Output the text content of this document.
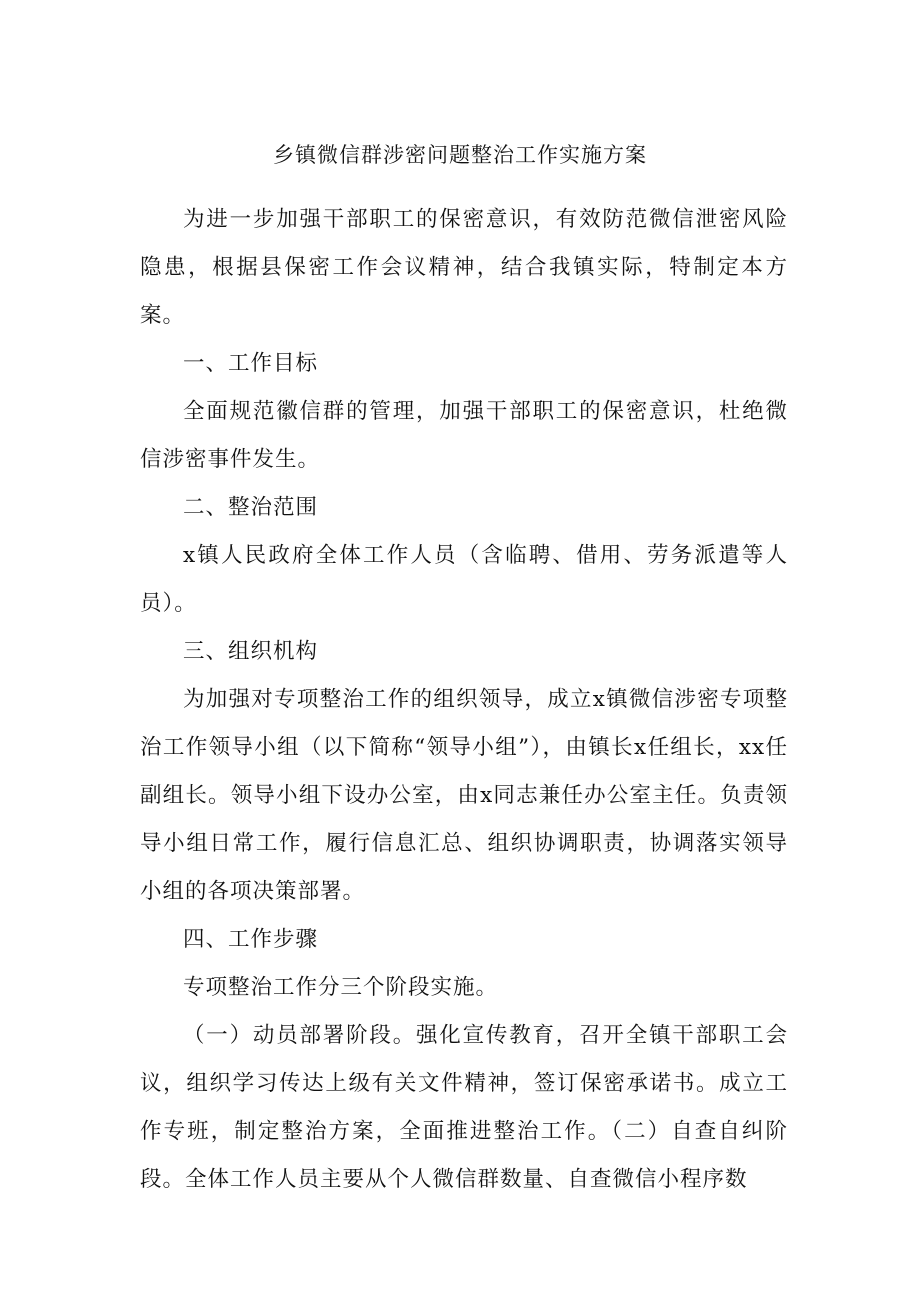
乡镇微信群涉密问题整治工作实施方案

为进一步加强干部职工的保密意识，有效防范微信泄密风险隐患，根据县保密工作会议精神，结合我镇实际，特制定本方案。

一、工作目标

全面规范徽信群的管理，加强干部职工的保密意识，杜绝微信涉密事件发生。

二、整治范围

x镇人民政府全体工作人员（含临聘、借用、劳务派遣等人员）。

三、组织机构

为加强对专项整治工作的组织领导，成立x镇微信涉密专项整治工作领导小组（以下简称“领导小组”），由镇长x任组长，xx任副组长。领导小组下设办公室，由x同志兼任办公室主任。负责领导小组日常工作，履行信息汇总、组织协调职责，协调落实领导小组的各项决策部署。

四、工作步骤

专项整治工作分三个阶段实施。

（一）动员部署阶段。强化宣传教育，召开全镇干部职工会议，组织学习传达上级有关文件精神，签订保密承诺书。成立工作专班，制定整治方案，全面推进整治工作。（二）自查自纠阶段。全体工作人员主要从个人微信群数量、自查微信小程序数
